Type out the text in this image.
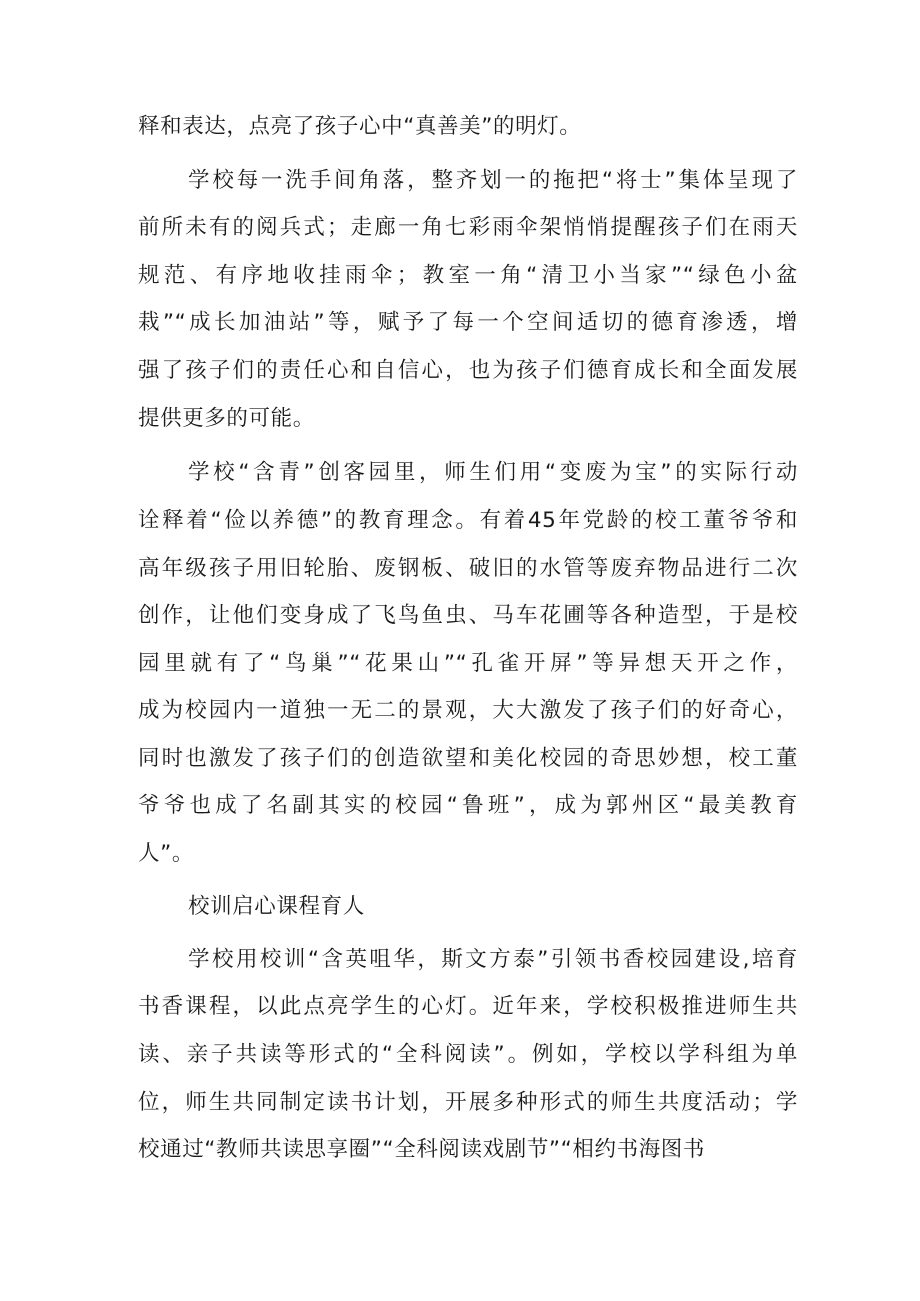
释和表达，点亮了孩子心中“真善美”的明灯。
学校每一洗手间角落，整齐划一的拖把“将士”集体呈现了
前所未有的阅兵式；走廊一角七彩雨伞架悄悄提醒孩子们在雨天
规范、有序地收挂雨伞；教室一角“清卫小当家”“绿色小盆
栽”“成长加油站”等，赋予了每一个空间适切的德育渗透，增
强了孩子们的责任心和自信心，也为孩子们德育成长和全面发展
提供更多的可能。
学校“含青”创客园里，师生们用“变废为宝”的实际行动
诠释着“俭以养德”的教育理念。有着45年党龄的校工董爷爷和
高年级孩子用旧轮胎、废钢板、破旧的水管等废弃物品进行二次
创作，让他们变身成了飞鸟鱼虫、马车花圃等各种造型，于是校
园里就有了“鸟巢”“花果山”“孔雀开屏”等异想天开之作，
成为校园内一道独一无二的景观，大大激发了孩子们的好奇心，
同时也激发了孩子们的创造欲望和美化校园的奇思妙想，校工董
爷爷也成了名副其实的校园“鲁班”，成为郭州区“最美教育
人”。
校训启心课程育人
学校用校训“含英咀华，斯文方泰”引领书香校园建设,培育
书香课程，以此点亮学生的心灯。近年来，学校积极推进师生共
读、亲子共读等形式的“全科阅读”。例如，学校以学科组为单
位，师生共同制定读书计划，开展多种形式的师生共度活动；学
校通过“教师共读思享圈”“全科阅读戏剧节”“相约书海图书
